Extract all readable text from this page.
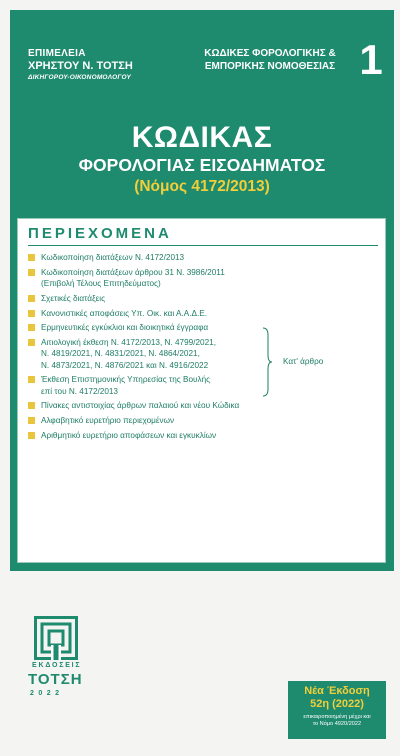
ΕΠΙΜΕΛΕΙΑ
ΧΡΗΣΤΟΥ Ν. ΤΟΤΣΗ
ΔΙΚΗΓΟΡΟΥ-ΟΙΚΟΝΟΜΟΛΟΓΟΥ
ΚΩΔΙΚΕΣ ΦΟΡΟΛΟΓΙΚΗΣ &
ΕΜΠΟΡΙΚΗΣ ΝΟΜΟΘΕΣΙΑΣ 1
ΚΩΔΙΚΑΣ
ΦΟΡΟΛΟΓΙΑΣ ΕΙΣΟΔΗΜΑΤΟΣ
(Νόμος 4172/2013)
ΠΕΡΙΕΧΟΜΕΝΑ
Κωδικοποίηση διατάξεων Ν. 4172/2013
Κωδικοποίηση διατάξεων άρθρου 31 Ν. 3986/2011
(Επιβολή Τέλους Επιτηδεύματος)
Σχετικές διατάξεις
Κανονιστικές αποφάσεις Υπ. Οικ. και Α.Α.Δ.Ε.
Ερμηνευτικές εγκύκλιοι και διοικητικά έγγραφα
Αιτιολογική έκθεση Ν. 4172/2013, Ν. 4799/2021,
Ν. 4819/2021, Ν. 4831/2021, Ν. 4864/2021,
Ν. 4873/2021, Ν. 4876/2021 και Ν. 4916/2022
Έκθεση Επιστημονικής Υπηρεσίας της Βουλής
επί του Ν. 4172/2013
Πίνακες αντιστοιχίας άρθρων παλαιού και νέου Κώδικα
Αλφαβητικό ευρετήριο περιεχομένων
Αριθμητικό ευρετήριο αποφάσεων και εγκυκλίων
Κατ' άρθρο
ΕΚΔΟΣΕΙΣ
ΤΟΤΣΗ
2022	Νέα Έκδοση
52η (2022)
επικαιροποιημένη μέχρι και
το Νόμο 4920/2022
